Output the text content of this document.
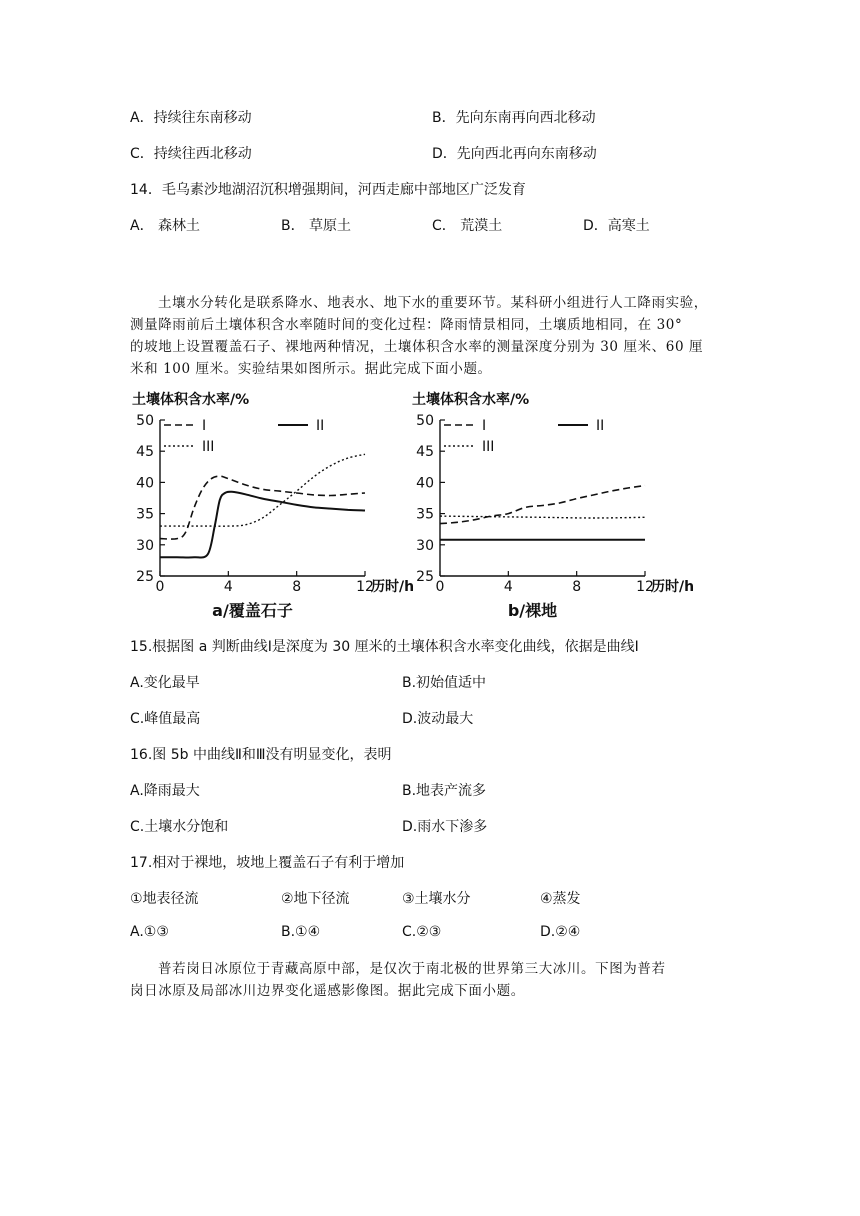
A．持续往东南移动	B．先向东南再向西北移动
C．持续往西北移动	D．先向西北再向东南移动
14．毛乌素沙地湖沼沉积增强期间，河西走廊中部地区广泛发育
A． 森林土	B． 草原土	C． 荒漠土	D．高寒土
土壤水分转化是联系降水、地表水、地下水的重要环节。某科研小组进行人工降雨实验，
测量降雨前后土壤体积含水率随时间的变化过程：降雨情景相同，土壤质地相同，在 30°
的坡地上设置覆盖石子、裸地两种情况，土壤体积含水率的测量深度分别为 30 厘米、60 厘
米和 100 厘米。实验结果如图所示。据此完成下面小题。
25
30
35
40
45
50
0	4	8	12
土壤体积含水率/%
历时/h
a/覆盖石子
I	II
III
25
30
35
40
45
50
0	4	8	12
土壤体积含水率/%
历时/h
b/裸地
I	II
III
15.根据图 a 判断曲线Ⅰ是深度为 30 厘米的土壤体积含水率变化曲线，依据是曲线Ⅰ
A.变化最早	B.初始值适中
C.峰值最高	D.波动最大
16.图 5b 中曲线Ⅱ和Ⅲ没有明显变化，表明
A.降雨最大	B.地表产流多
C.土壤水分饱和	D.雨水下渗多
17.相对于裸地，坡地上覆盖石子有利于增加
①地表径流	②地下径流	③土壤水分	④蒸发
A.①③	B.①④	C.②③	D.②④
普若岗日冰原位于青藏高原中部，是仅次于南北极的世界第三大冰川。下图为普若
岗日冰原及局部冰川边界变化遥感影像图。据此完成下面小题。
